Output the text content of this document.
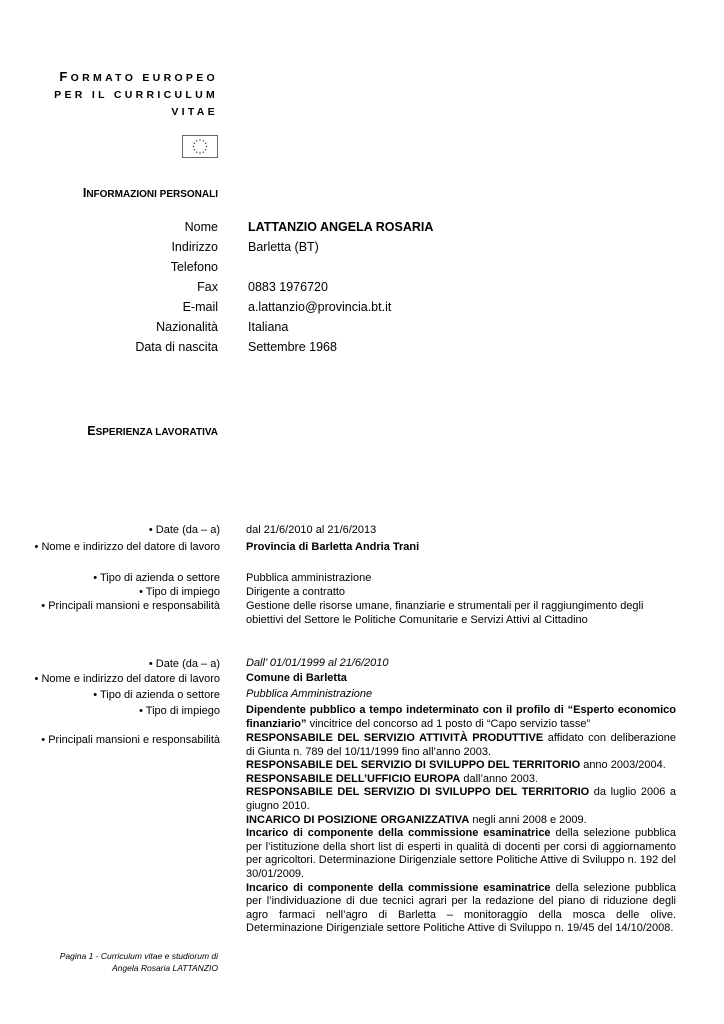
FORMATO EUROPEO
PER IL CURRICULUM
VITAE
INFORMAZIONI PERSONALI
Nome LATTANZIO ANGELA ROSARIA
Indirizzo Barletta (BT)
Telefono
Fax 0883 1976720
E-mail a.lattanzio@provincia.bt.it
Nazionalità Italiana
Data di nascita Settembre 1968
ESPERIENZA LAVORATIVA
• Date (da – a) dal 21/6/2010 al 21/6/2013
• Nome e indirizzo del datore di lavoro Provincia di Barletta Andria Trani
• Tipo di azienda o settore Pubblica amministrazione
• Tipo di impiego Dirigente a contratto
• Principali mansioni e responsabilità Gestione delle risorse umane, finanziarie e strumentali per il raggiungimento degli
obiettivi del Settore le Politiche Comunitarie e Servizi Attivi al Cittadino
• Date (da – a) Dall’ 01/01/1999 al 21/6/2010
• Nome e indirizzo del datore di lavoro Comune di Barletta
• Tipo di azienda o settore Pubblica Amministrazione
• Tipo di impiego Dipendente pubblico a tempo indeterminato con il profilo di “Esperto economico finanziario” vincitrice del concorso ad 1 posto di “Capo servizio tasse”
• Principali mansioni e responsabilità RESPONSABILE DEL SERVIZIO ATTIVITÀ PRODUTTIVE affidato con deliberazione di Giunta n. 789 del 10/11/1999 fino all’anno 2003.

RESPONSABILE DEL SERVIZIO DI SVILUPPO DEL TERRITORIO anno 2003/2004.

RESPONSABILE DELL’UFFICIO EUROPA dall’anno 2003.

RESPONSABILE DEL SERVIZIO DI SVILUPPO DEL TERRITORIO da luglio 2006 a giugno 2010.

INCARICO DI POSIZIONE ORGANIZZATIVA negli anni 2008 e 2009.

Incarico di componente della commissione esaminatrice della selezione pubblica per l’istituzione della short list di esperti in qualità di docenti per corsi di aggiornamento per agricoltori. Determinazione Dirigenziale settore Politiche Attive di Sviluppo n. 192 del 30/01/2009.

Incarico di componente della commissione esaminatrice della selezione pubblica per l’individuazione di due tecnici agrari per la redazione del piano di riduzione degli agro farmaci nell’agro di Barletta – monitoraggio della mosca delle olive. Determinazione Dirigenziale settore Politiche Attive di Sviluppo n. 19/45 del 14/10/2008.

Pagina 1 - Curriculum vitae e studiorum di
Angela Rosaria LATTANZIO
